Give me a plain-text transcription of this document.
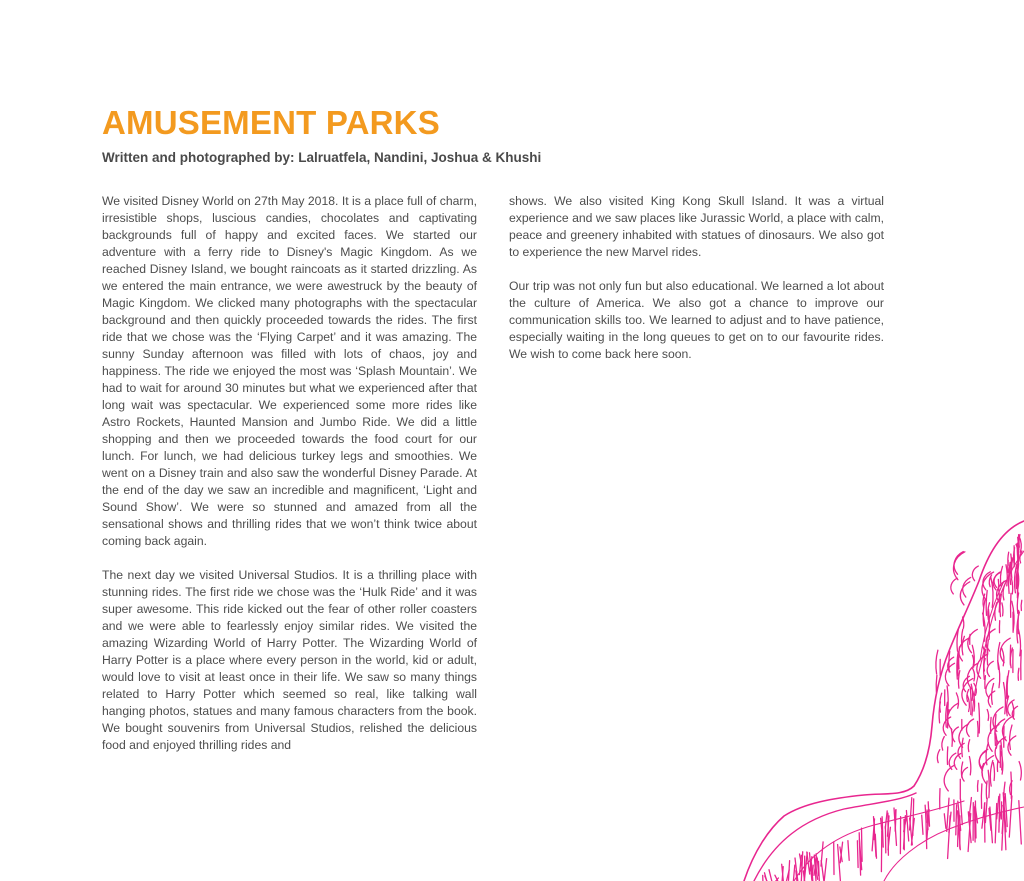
AMUSEMENT PARKS
Written and photographed by: Lalruatfela, Nandini, Joshua & Khushi

We visited Disney World on 27th May 2018. It is a place full of charm, irresistible shops, luscious candies, chocolates and captivating backgrounds full of happy and excited faces. We started our adventure with a ferry ride to Disney's Magic Kingdom. As we reached Disney Island, we bought raincoats as it started drizzling. As we entered the main entrance, we were awestruck by the beauty of Magic Kingdom. We clicked many photographs with the spectacular background and then quickly proceeded towards the rides. The first ride that we chose was the ‘Flying Carpet’ and it was amazing. The sunny Sunday afternoon was filled with lots of chaos, joy and happiness. The ride we enjoyed the most was ‘Splash Mountain’. We had to wait for around 30 minutes but what we experienced after that long wait was spectacular. We experienced some more rides like Astro Rockets, Haunted Mansion and Jumbo Ride. We did a little shopping and then we proceeded towards the food court for our lunch. For lunch, we had delicious turkey legs and smoothies. We went on a Disney train and also saw the wonderful Disney Parade. At the end of the day we saw an incredible and magnificent, ‘Light and Sound Show’. We were so stunned and amazed from all the sensational shows and thrilling rides that we won’t think twice about coming back again.

The next day we visited Universal Studios. It is a thrilling place with stunning rides. The first ride we chose was the ‘Hulk Ride’ and it was super awesome. This ride kicked out the fear of other roller coasters and we were able to fearlessly enjoy similar rides. We visited the amazing Wizarding World of Harry Potter. The Wizarding World of Harry Potter is a place where every person in the world, kid or adult, would love to visit at least once in their life. We saw so many things related to Harry Potter which seemed so real, like talking wall hanging photos, statues and many famous characters from the book. We bought souvenirs from Universal Studios, relished the delicious food and enjoyed thrilling rides and

shows. We also visited King Kong Skull Island. It was a virtual experience and we saw places like Jurassic World, a place with calm, peace and greenery inhabited with statues of dinosaurs. We also got to experience the new Marvel rides.

Our trip was not only fun but also educational. We learned a lot about the culture of America. We also got a chance to improve our communication skills too. We learned to adjust and to have patience, especially waiting in the long queues to get on to our favourite rides. We wish to come back here soon.
